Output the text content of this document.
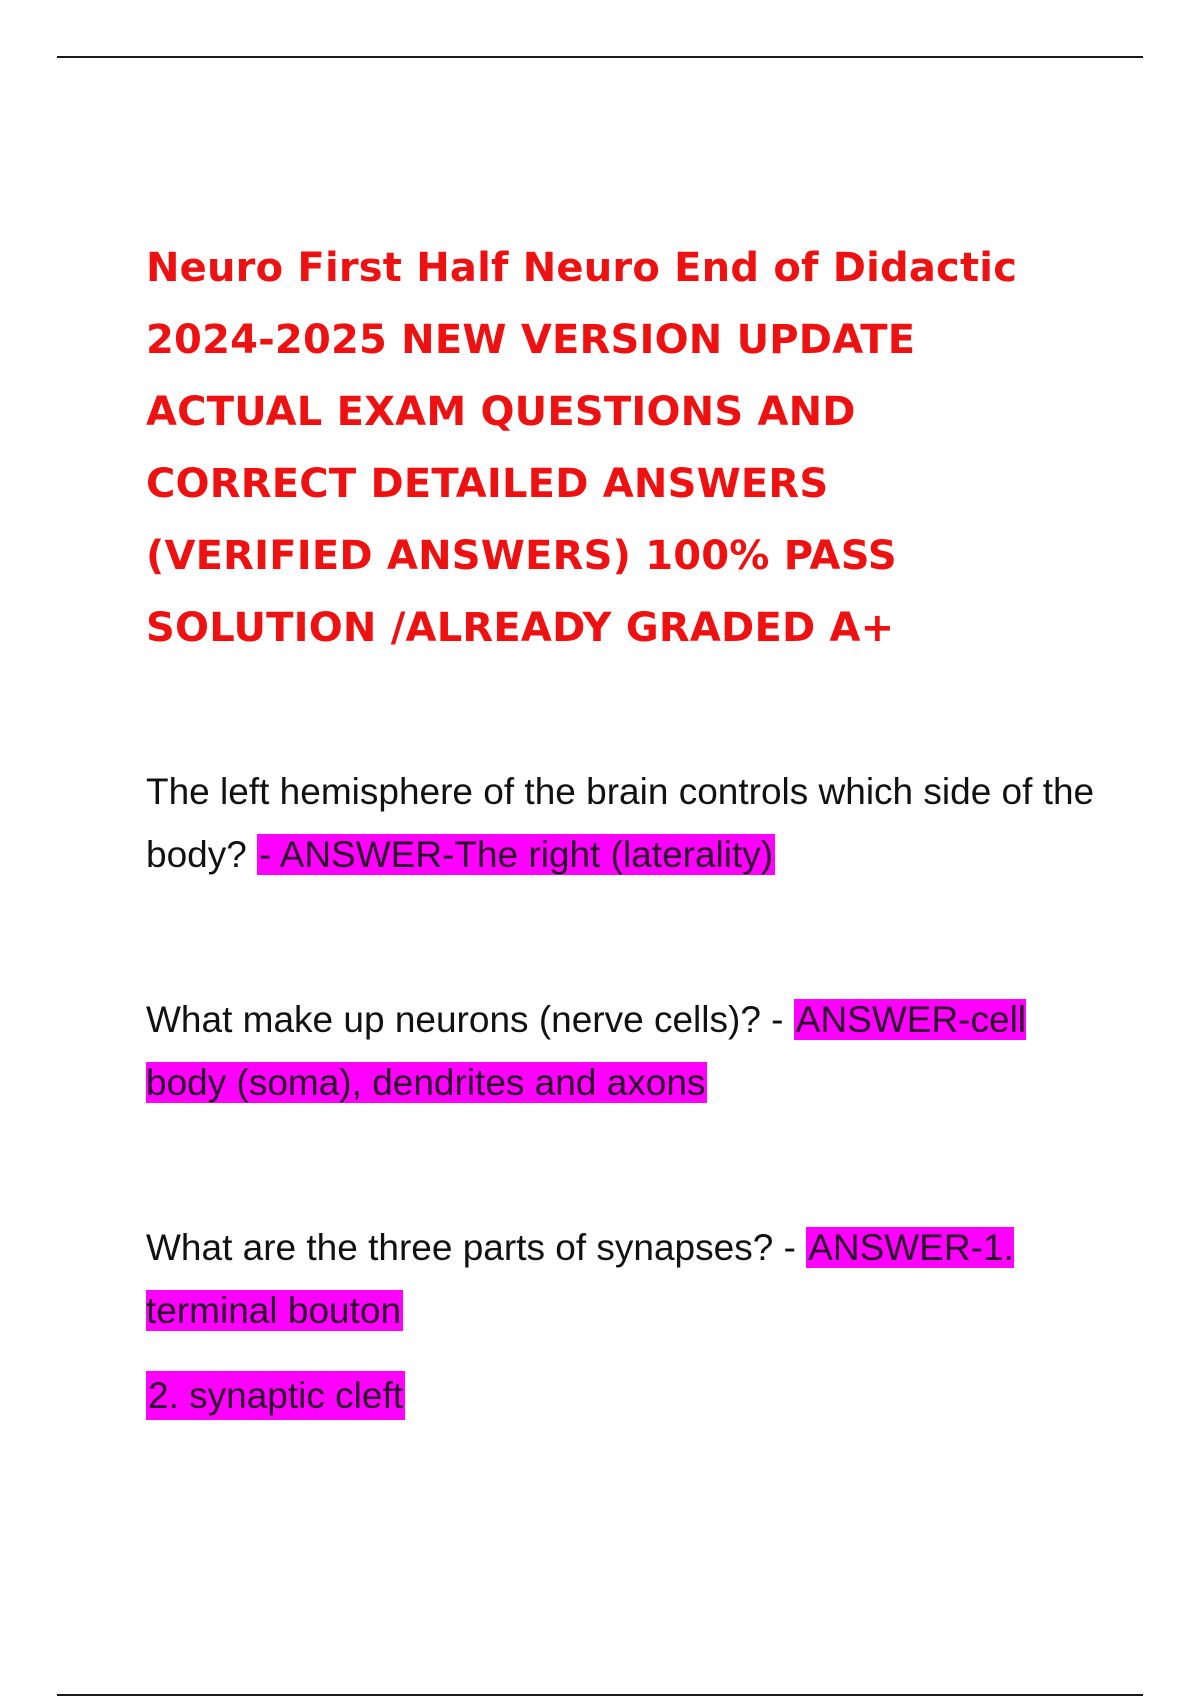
Neuro First Half Neuro End of Didactic
2024-2025 NEW VERSION UPDATE
ACTUAL EXAM QUESTIONS AND
CORRECT DETAILED ANSWERS
(VERIFIED ANSWERS) 100% PASS
SOLUTION /ALREADY GRADED A+

The left hemisphere of the brain controls which side of the body? - ANSWER-The right (laterality)

What make up neurons (nerve cells)? - ANSWER-cell body (soma), dendrites and axons

What are the three parts of synapses? - ANSWER-1. terminal bouton
2. synaptic cleft
